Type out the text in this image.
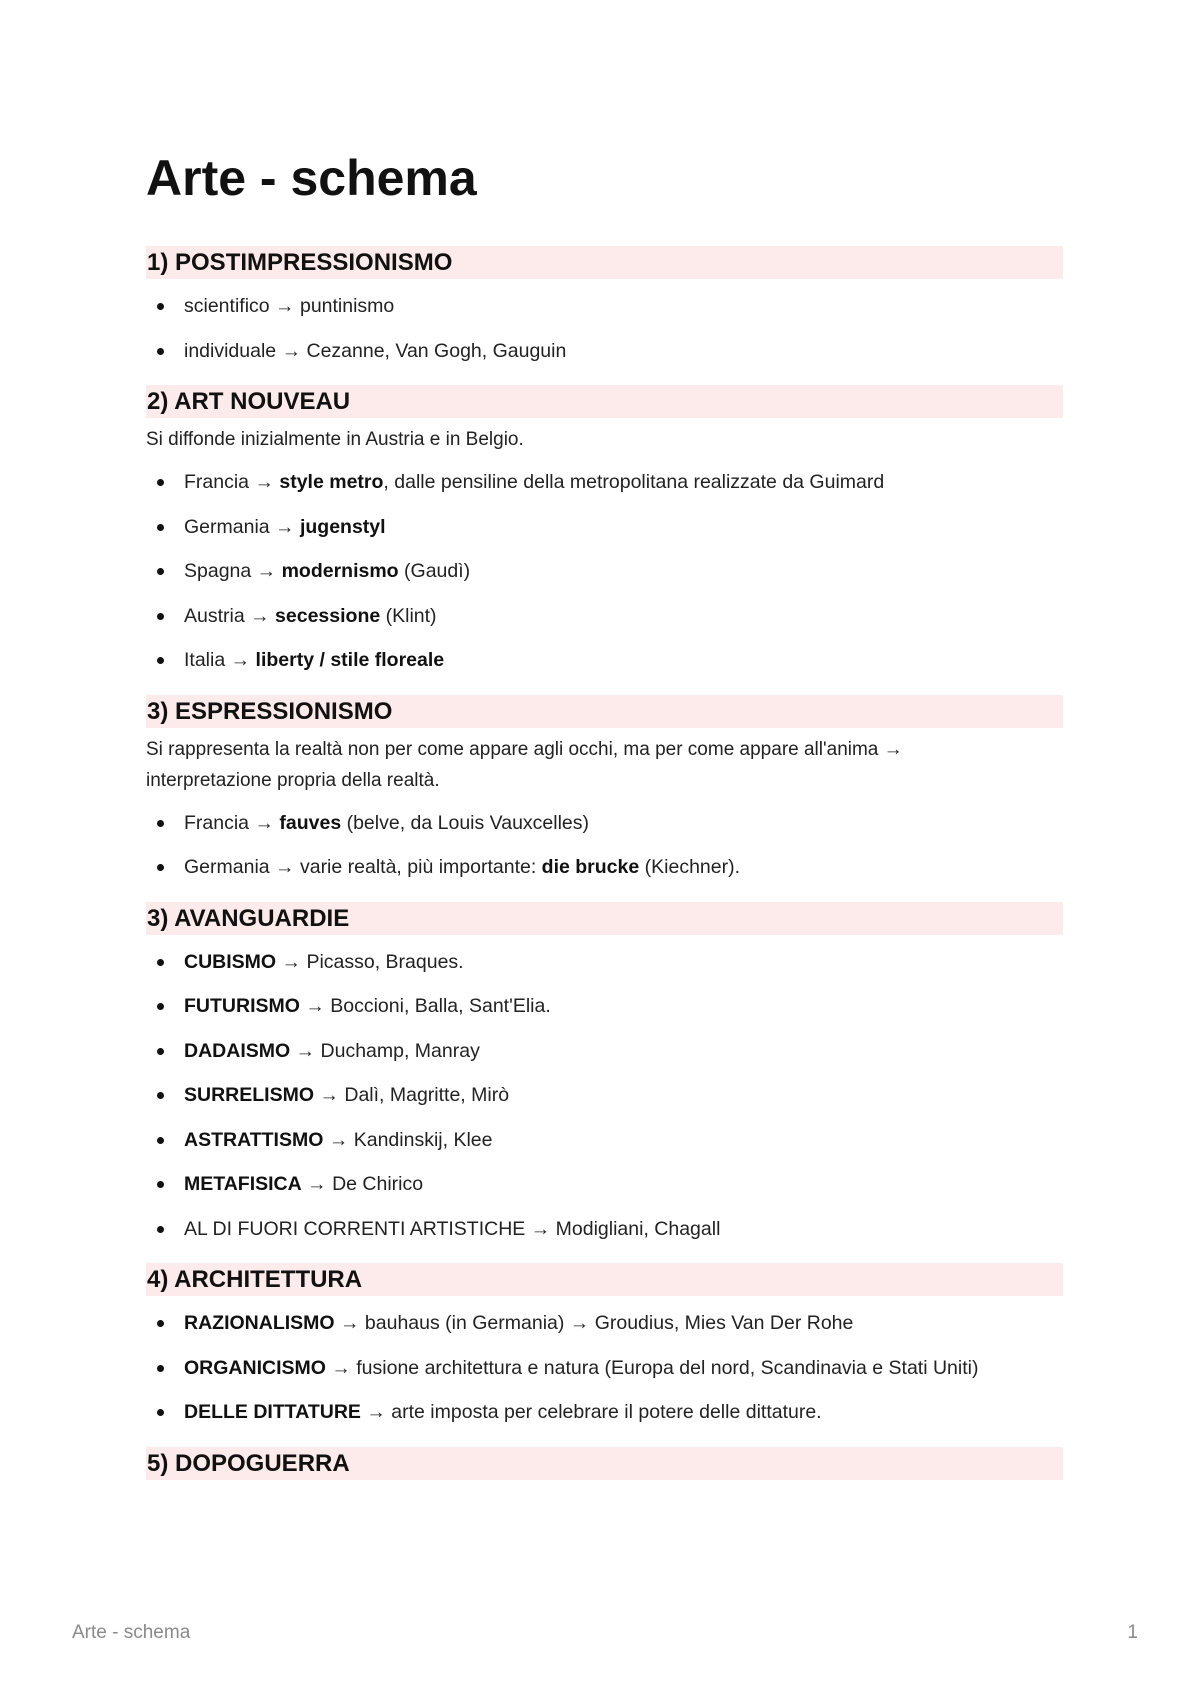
Arte - schema
1) POSTIMPRESSIONISMO
scientifico → puntinismo
individuale → Cezanne, Van Gogh, Gauguin
2) ART NOUVEAU

Si diffonde inizialmente in Austria e in Belgio.

Francia → style metro, dalle pensiline della metropolitana realizzate da Guimard
Germania → jugenstyl
Spagna → modernismo (Gaudì)
Austria → secessione (Klint)
Italia → liberty / stile floreale
3) ESPRESSIONISMO

Si rappresenta la realtà non per come appare agli occhi, ma per come appare all'anima →
interpretazione propria della realtà.

Francia → fauves (belve, da Louis Vauxcelles)
Germania → varie realtà, più importante: die brucke (Kiechner).
3) AVANGUARDIE
CUBISMO → Picasso, Braques.
FUTURISMO → Boccioni, Balla, Sant'Elia.
DADAISMO → Duchamp, Manray
SURRELISMO → Dalì, Magritte, Mirò
ASTRATTISMO → Kandinskij, Klee
METAFISICA → De Chirico
AL DI FUORI CORRENTI ARTISTICHE → Modigliani, Chagall
4) ARCHITETTURA
RAZIONALISMO → bauhaus (in Germania) → Groudius, Mies Van Der Rohe
ORGANICISMO → fusione architettura e natura (Europa del nord, Scandinavia e Stati Uniti)
DELLE DITTATURE → arte imposta per celebrare il potere delle dittature.
5) DOPOGUERRA
Arte - schema	1
